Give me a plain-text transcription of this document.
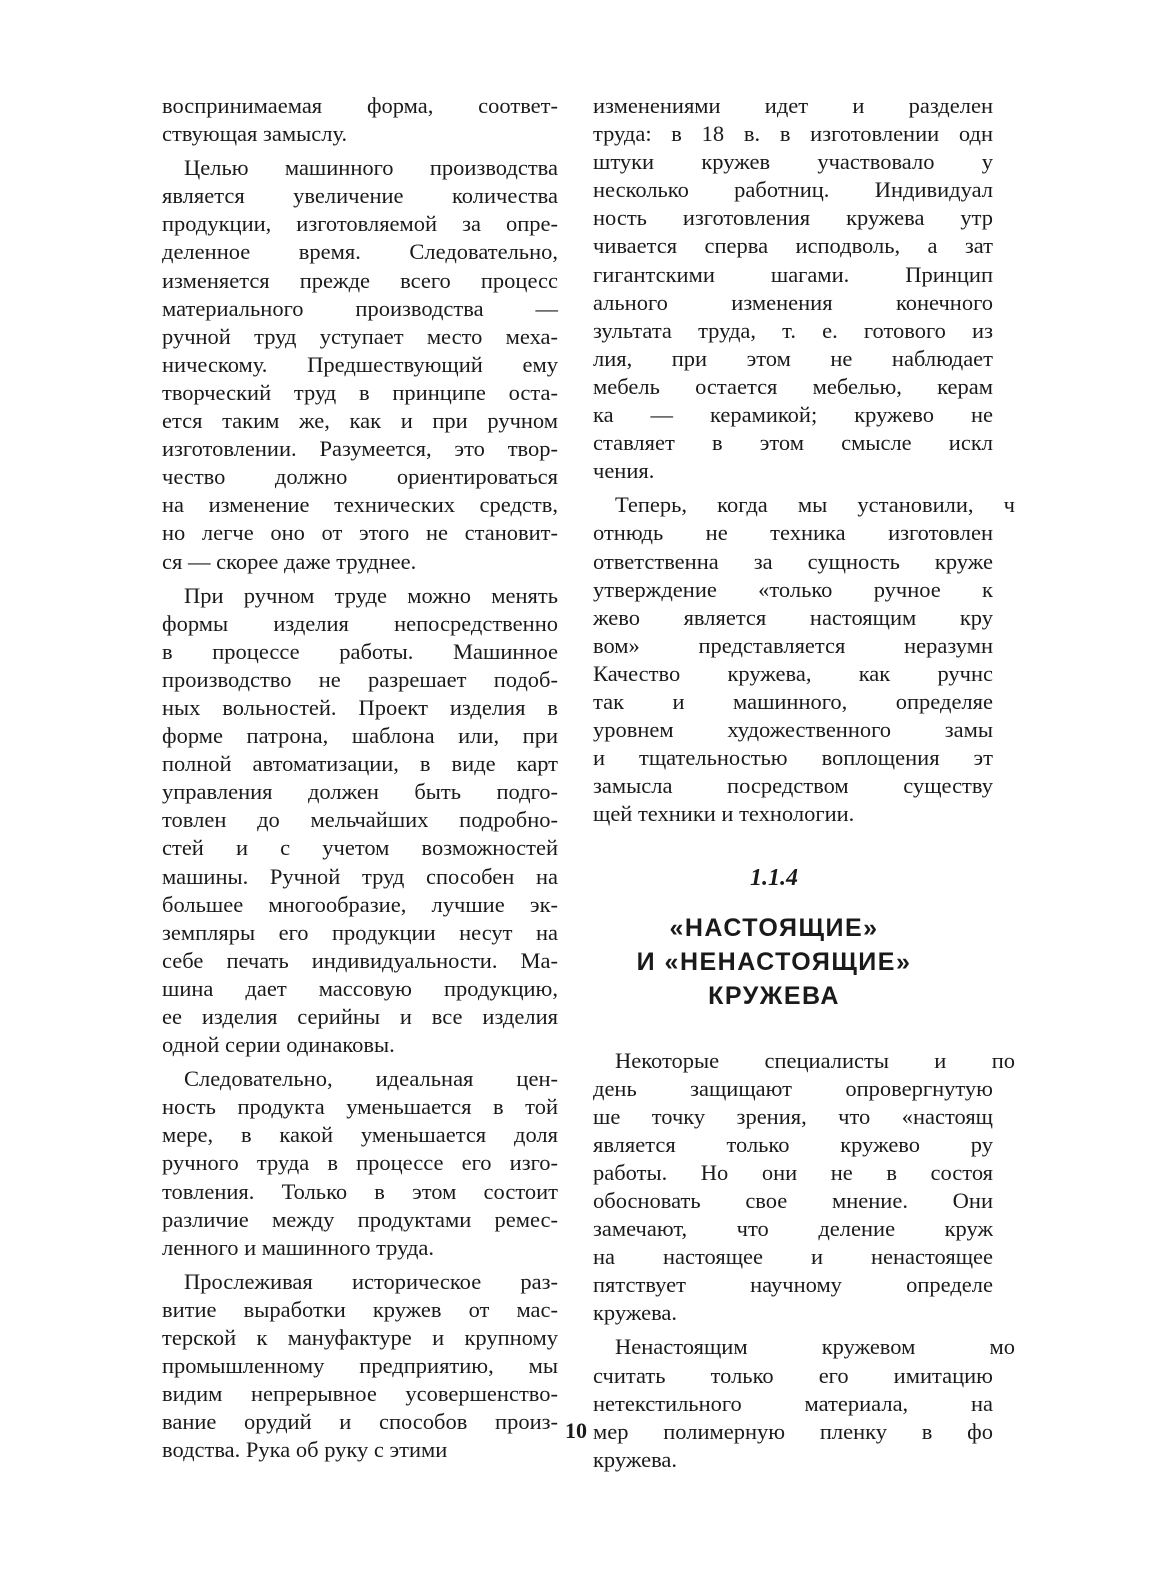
воспринимаемая форма, соответ-
ствующая замыслу.
Целью машинного производства
является увеличение количества
продукции, изготовляемой за опре-
деленное время. Следовательно,
изменяется прежде всего процесс
материального производства —
ручной труд уступает место меха-
ническому. Предшествующий ему
творческий труд в принципе оста-
ется таким же, как и при ручном
изготовлении. Разумеется, это твор-
чество должно ориентироваться
на изменение технических средств,
но легче оно от этого не становит-
ся — скорее даже труднее.
При ручном труде можно менять
формы изделия непосредственно
в процессе работы. Машинное
производство не разрешает подоб-
ных вольностей. Проект изделия в
форме патрона, шаблона или, при
полной автоматизации, в виде карт
управления должен быть подго-
товлен до мельчайших подробно-
стей и с учетом возможностей
машины. Ручной труд способен на
большее многообразие, лучшие эк-
земпляры его продукции несут на
себе печать индивидуальности. Ма-
шина дает массовую продукцию,
ее изделия серийны и все изделия
одной серии одинаковы.
Следовательно, идеальная цен-
ность продукта уменьшается в той
мере, в какой уменьшается доля
ручного труда в процессе его изго-
товления. Только в этом состоит
различие между продуктами ремес-
ленного и машинного труда.
Прослеживая историческое раз-
витие выработки кружев от мас-
терской к мануфактуре и крупному
промышленному предприятию, мы
видим непрерывное усовершенство-
вание орудий и способов произ-
водства. Рука об руку с этими
изменениями идет и разделен
труда: в 18 в. в изготовлении одн
штуки кружев участвовало у
несколько работниц. Индивидуал
ность изготовления кружева утр
чивается сперва исподволь, а зат
гигантскими шагами. Принцип
ального изменения конечного
зультата труда, т. е. готового из
лия, при этом не наблюдает
мебель остается мебелью, керам
ка — керамикой; кружево не
ставляет в этом смысле искл
чения.
Теперь, когда мы установили, ч
отнюдь не техника изготовлен
ответственна за сущность круже
утверждение «только ручное к
жево является настоящим кру
вом» представляется неразумн
Качество кружева, как ручнс
так и машинного, определяе
уровнем художественного замы
и тщательностью воплощения эт
замысла посредством существу
щей техники и технологии.
1.1.4
«НАСТОЯЩИЕ»
И «НЕНАСТОЯЩИЕ»
КРУЖЕВА
Некоторые специалисты и по
день защищают опровергнутую
ше точку зрения, что «настоящ
является только кружево ру
работы. Но они не в состоя
обосновать свое мнение. Они
замечают, что деление круж
на настоящее и ненастоящее
пятствует научному определе
кружева.
Ненастоящим кружевом мо
считать только его имитацию
нетекстильного материала, на
мер полимерную пленку в фо
кружева.
10
